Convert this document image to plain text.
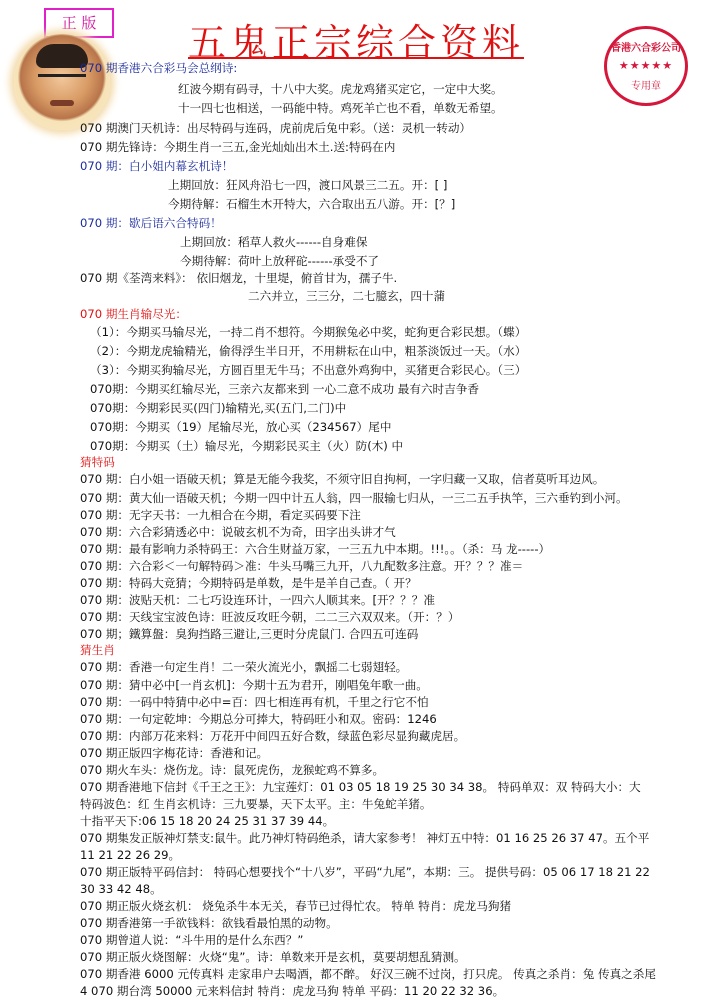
正 版	五鬼正宗综合资料	香港六合彩公司
★★★★★
专用章
070 期香港六合彩马会总纲诗:
红波今期有码寻，十八中大奖。虎龙鸡猪买定它，一定中大奖。
十一四七也相送，一码能中特。鸡死羊亡也不看，单数无希望。
070 期澳门天机诗：出尽特码与连码，虎前虎后兔中彩。（送：灵机一转动）
070 期先锋诗：今期生肖一三五,金光灿灿出木土.送:特码在内
070 期：白小姐内幕玄机诗！
上期回放：狂风舟沿七一四，渡口风景三二五。开：[ ]
今期待解：石榴生木开特大，六合取出五八游。开：[？]
070 期：歇后语六合特码！
上期回放：稻草人救火------自身难保
今期待解：荷叶上放秤砣------承受不了
070 期《荃湾来料》： 依旧烟龙，十里堤，俯首甘为，孺子牛.
二六并立，三三分，二七臆玄，四十蒲
070 期生肖输尽光：
（1）：今期买马输尽光，一持二肖不想符。今期猴兔必中奖，蛇狗更合彩民想。（蝶）
（2）：今期龙虎输精光，偷得浮生半日开，不用耕耘在山中，粗茶淡饭过一天。（水）
（3）：今期买狗输尽光，方圆百里无牛马；不出意外鸡狗中，买猪更合彩民心。（三）
070期：今期买红输尽光，三亲六友都来到 一心二意不成功 最有六时吉争香
070期：今期彩民买(四门)输精光,买(五门,二门)中
070期：今期买（19）尾输尽光，放心买（234567）尾中
070期：今期买（土）输尽光，今期彩民买主（火）防(木) 中
猜特码
070 期：白小姐一语破天机；算是无能今我奖，不须守旧自拘柯，一字归藏一又取，信者莫听耳边风。
070 期：黄大仙一语破天机；今期一四中计五人翁，四一服输七归从，一三二五手执竿，三六垂钓到小河。
070 期：无字天书：一九相合在今期，看定买码要下注
070 期：六合彩猜透必中：说破玄机不为奇，田字出头讲才气
070 期：最有影响力杀特码王：六合生财益万家，一三五九中本期。!!!。。（杀：马 龙-----）
070 期：六合彩＜一句解特码＞准：牛头马嘴三九开，八九配数多注意。开？？？准＝
070 期：特码大竞猜；今期特码是单数，是牛是羊自己查。（ 开？
070 期：波贴天机：二七巧设连环计，一四六人顺其来。[开？？？准
070 期：天线宝宝波色诗：旺波反攻旺今朝，二二三六双双来。（开：？）
070 期；鐵算盤：臭狗挡路三避让,三更时分虎鼠门. 合四五可连码
猜生肖
070 期：香港一句定生肖！二一荣火流光小，飘摇二七弱翅轻。
070 期：猜中必中[一肖玄机]：今期十五为君开，刚唱兔年歌一曲。
070 期：一码中特猜中必中=百：四七相连再有机，千里之行它不怕
070 期：一句定乾坤：今期总分可捧大，特码旺小和双。密码：1246
070 期：内部万花来料：万花开中间四五好合数，绿蓝色彩尽显狗藏虎居。
070 期正版四字梅花诗：香港和记。
070 期火车头：烧伤龙。诗：鼠死虎伤，龙猴蛇鸡不算多。
070 期香港地下信封《千王之王》：九宝莲灯：01 03 05 18 19 25 30 34 38。 特码单双：双 特码大小：大
特码波色：红 生肖玄机诗：三九要暴，天下太平。主：牛兔蛇羊猪。
十指平天下:06 15 18 20 24 25 31 37 39 44。
070 期集发正版神灯禁支:鼠牛。此乃神灯特码绝杀，请大家参考！ 神灯五中特：01 16 25 26 37 47。五个平
11 21 22 26 29。
070 期正版特平码信封： 特码心想要找个“十八岁”，平码“九尾”，本期：三。 提供号码：05 06 17 18 21 22
30 33 42 48。
070 期正版火烧玄机： 烧兔杀牛本无关，春节已过得忙农。 特单 特肖：虎龙马狗猪
070 期香港第一手欲钱料：欲钱看最怕黑的动物。
070 期曾道人说：“斗牛用的是什么东西？”
070 期正版火烧图解：火烧“鬼”。诗：单数来开是玄机，莫要胡想乱猜测。
070 期香港 6000 元传真料 走家串户去喝酒，都不醉。 好汉三碗不过岗，打只虎。 传真之杀肖：兔 传真之杀尾
4 070 期台湾 50000 元来料信封 特肖：虎龙马狗 特单 平码：11 20 22 32 36。
